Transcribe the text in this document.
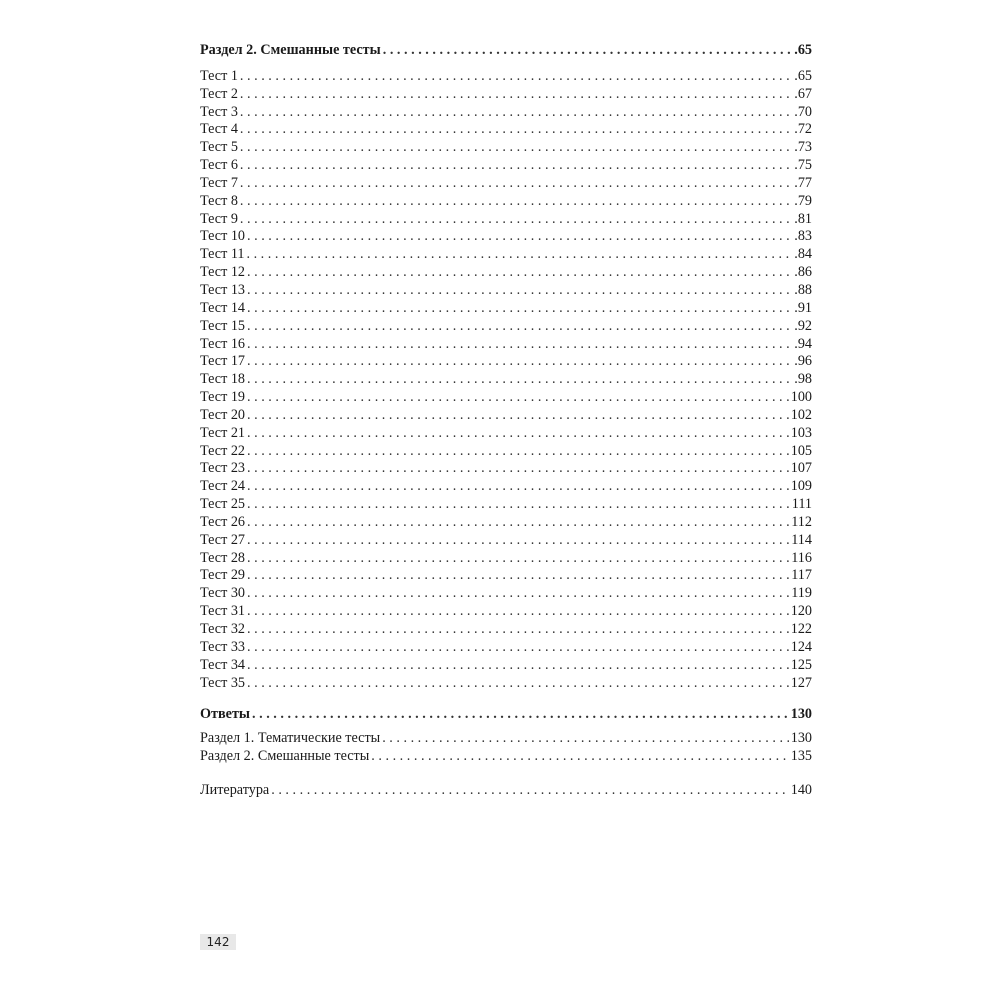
Раздел 2. Смешанные тесты . . .	.65
Тест 1 . . .	.65
Тест 2 . . .	.67
Тест 3 . . .	.70
Тест 4 . . .	.72
Тест 5 . . .	.73
Тест 6 . . .	.75
Тест 7 . . .	.77
Тест 8 . . .	.79
Тест 9 . . .	.81
Тест 10 . . .	.83
Тест 11 . . .	.84
Тест 12 . . .	.86
Тест 13 . . .	.88
Тест 14 . . .	.91
Тест 15 . . .	.92
Тест 16 . . .	.94
Тест 17 . . .	.96
Тест 18 . . .	.98
Тест 19 . . .	100
Тест 20 . . .	102
Тест 21 . . .	103
Тест 22 . . .	105
Тест 23 . . .	107
Тест 24 . . .	109
Тест 25 . . .	111
Тест 26 . . .	112
Тест 27 . . .	114
Тест 28 . . .	116
Тест 29 . . .	117
Тест 30 . . .	119
Тест 31 . . .	120
Тест 32 . . .	122
Тест 33 . . .	124
Тест 34 . . .	125
Тест 35 . . .	127
Ответы . . .	130
Раздел 1. Тематические тесты . . .	130
Раздел 2. Смешанные тесты . . .	135
Литература . . .	140
142
